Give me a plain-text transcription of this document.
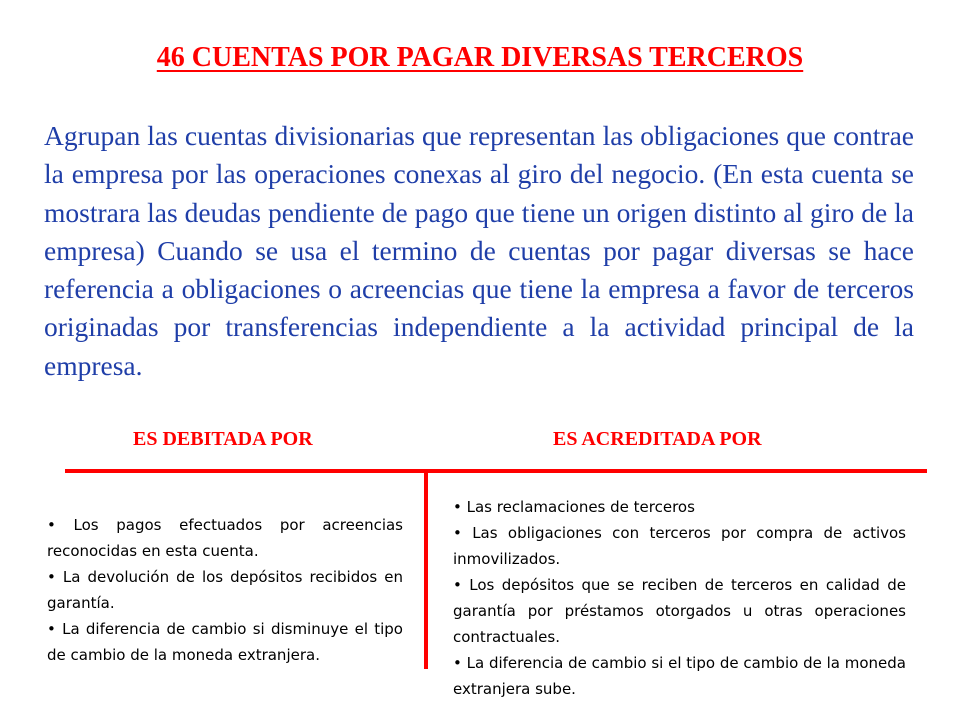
46 CUENTAS POR PAGAR DIVERSAS TERCEROS

Agrupan las cuentas divisionarias que representan las obligaciones que contrae la empresa por las operaciones conexas al giro del negocio. (En esta cuenta se mostrara las deudas pendiente de pago que tiene un origen distinto al giro de la empresa) Cuando se usa el termino de cuentas por pagar diversas se hace referencia a obligaciones o acreencias que tiene la empresa a favor de terceros originadas por transferencias independiente a la actividad principal de la empresa.

ES DEBITADA POR	ES ACREDITADA POR
• Los pagos efectuados por acreencias reconocidas en esta cuenta.
• La devolución de los depósitos recibidos en garantía.
• La diferencia de cambio si disminuye el tipo de cambio de la moneda extranjera.
• Las reclamaciones de terceros
• Las obligaciones con terceros por compra de activos inmovilizados.
• Los depósitos que se reciben de terceros en calidad de garantía por préstamos otorgados u otras operaciones contractuales.
• La diferencia de cambio si el tipo de cambio de la moneda extranjera sube.
